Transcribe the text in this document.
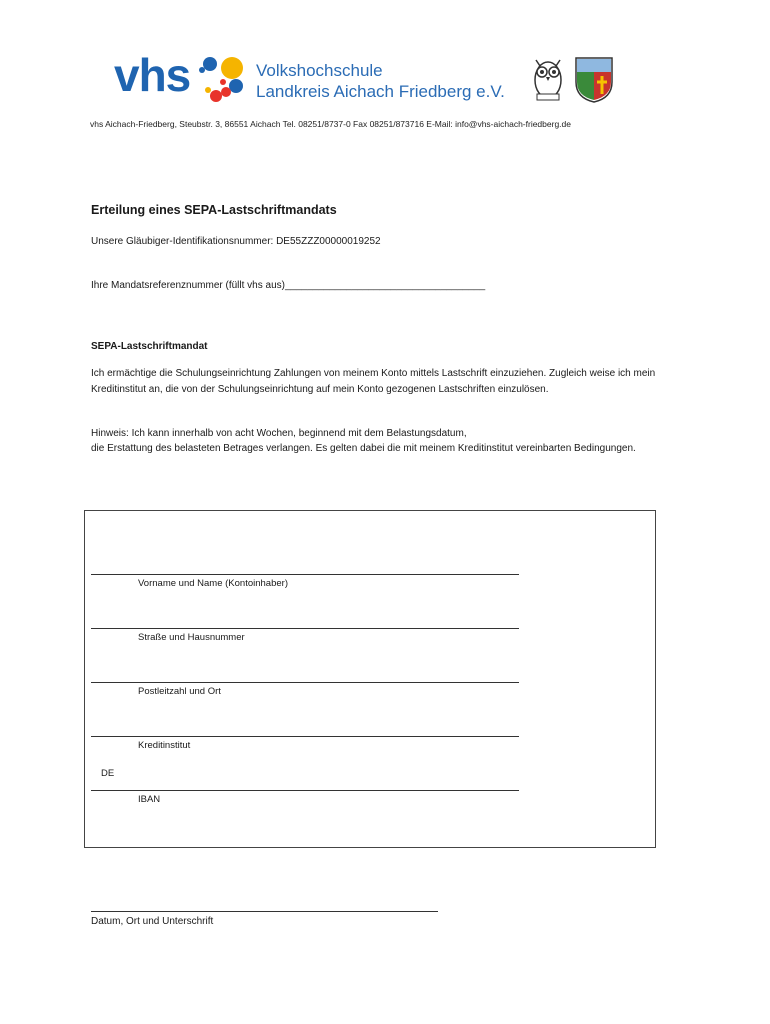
vhs	Volkshochschule
Landkreis Aichach Friedberg e.V.
vhs Aichach-Friedberg, Steubstr. 3, 86551 Aichach Tel. 08251/8737-0 Fax 08251/873716 E-Mail: info@vhs-aichach-friedberg.de
Erteilung eines SEPA-Lastschriftmandats
Unsere Gläubiger-Identifikationsnummer: DE55ZZZ00000019252
Ihre Mandatsreferenznummer (füllt vhs aus)____________________________________
SEPA-Lastschriftmandat
Ich ermächtige die Schulungseinrichtung Zahlungen von meinem Konto mittels Lastschrift einzuziehen. Zugleich weise ich mein Kreditinstitut an, die von der Schulungseinrichtung auf mein Konto gezogenen Lastschriften einzulösen.
Hinweis: Ich kann innerhalb von acht Wochen, beginnend mit dem Belastungsdatum,
die Erstattung des belasteten Betrages verlangen. Es gelten dabei die mit meinem Kreditinstitut vereinbarten Bedingungen.
Vorname und Name (Kontoinhaber)
Straße und Hausnummer
Postleitzahl und Ort
Kreditinstitut
DE
IBAN
Datum, Ort und Unterschrift
